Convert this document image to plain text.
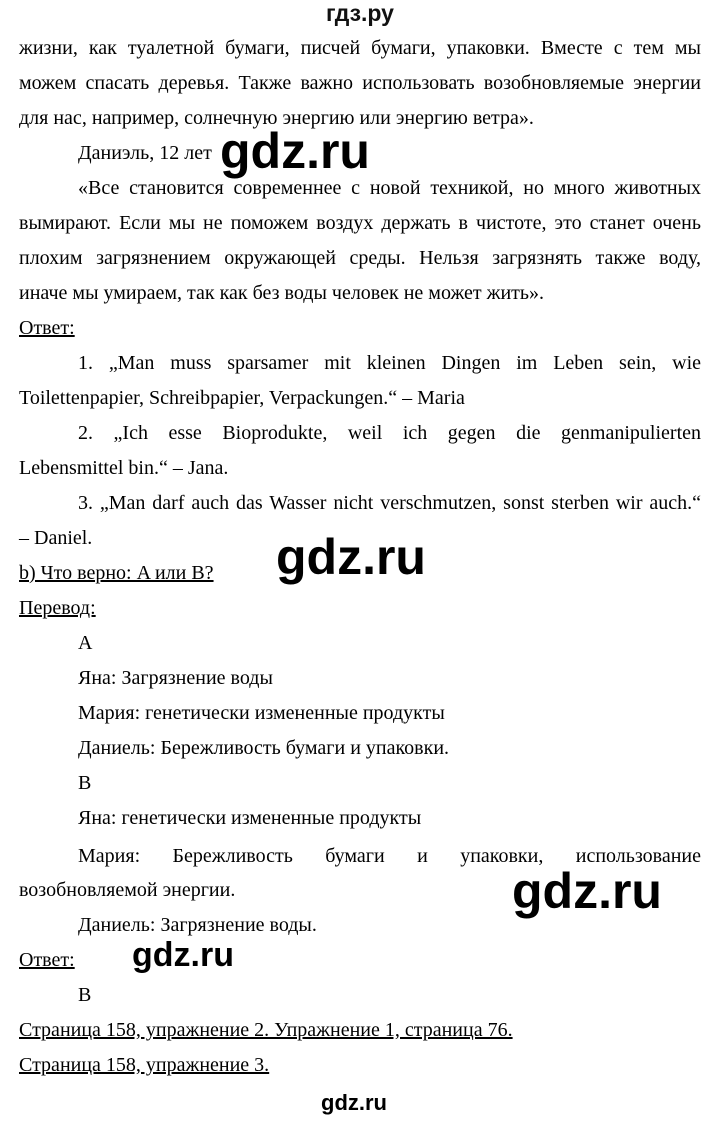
гдз.ру
жизни, как туалетной бумаги, писчей бумаги, упаковки. Вместе с тем мы
можем спасать деревья. Также важно использовать возобновляемые энергии
для нас, например, солнечную энергию или энергию ветра».
Даниэль, 12 лет
«Все становится современнее с новой техникой, но много животных
вымирают. Если мы не поможем воздух держать в чистоте, это станет очень
плохим загрязнением окружающей среды. Нельзя загрязнять также воду,
иначе мы умираем, так как без воды человек не может жить».
Ответ:
1. „Man muss sparsamer mit kleinen Dingen im Leben sein, wie
Toilettenpapier, Schreibpapier, Verpackungen.“ – Maria
2. „Ich esse Bioprodukte, weil ich gegen die genmanipulierten
Lebensmittel bin.“ – Jana.
3. „Man darf auch das Wasser nicht verschmutzen, sonst sterben wir auch.“
– Daniel.
b) Что верно: A или B?
Перевод:
A
Яна: Загрязнение воды
Мария: генетически измененные продукты
Даниель: Бережливость бумаги и упаковки.
B
Яна: генетически измененные продукты
Мария: Бережливость бумаги и упаковки, использование
возобновляемой энергии.
Даниель: Загрязнение воды.
Ответ:
B
Страница 158, упражнение 2. Упражнение 1, страница 76.
Страница 158, упражнение 3.
gdz.ru
gdz.ru
gdz.ru
gdz.ru
gdz.ru
